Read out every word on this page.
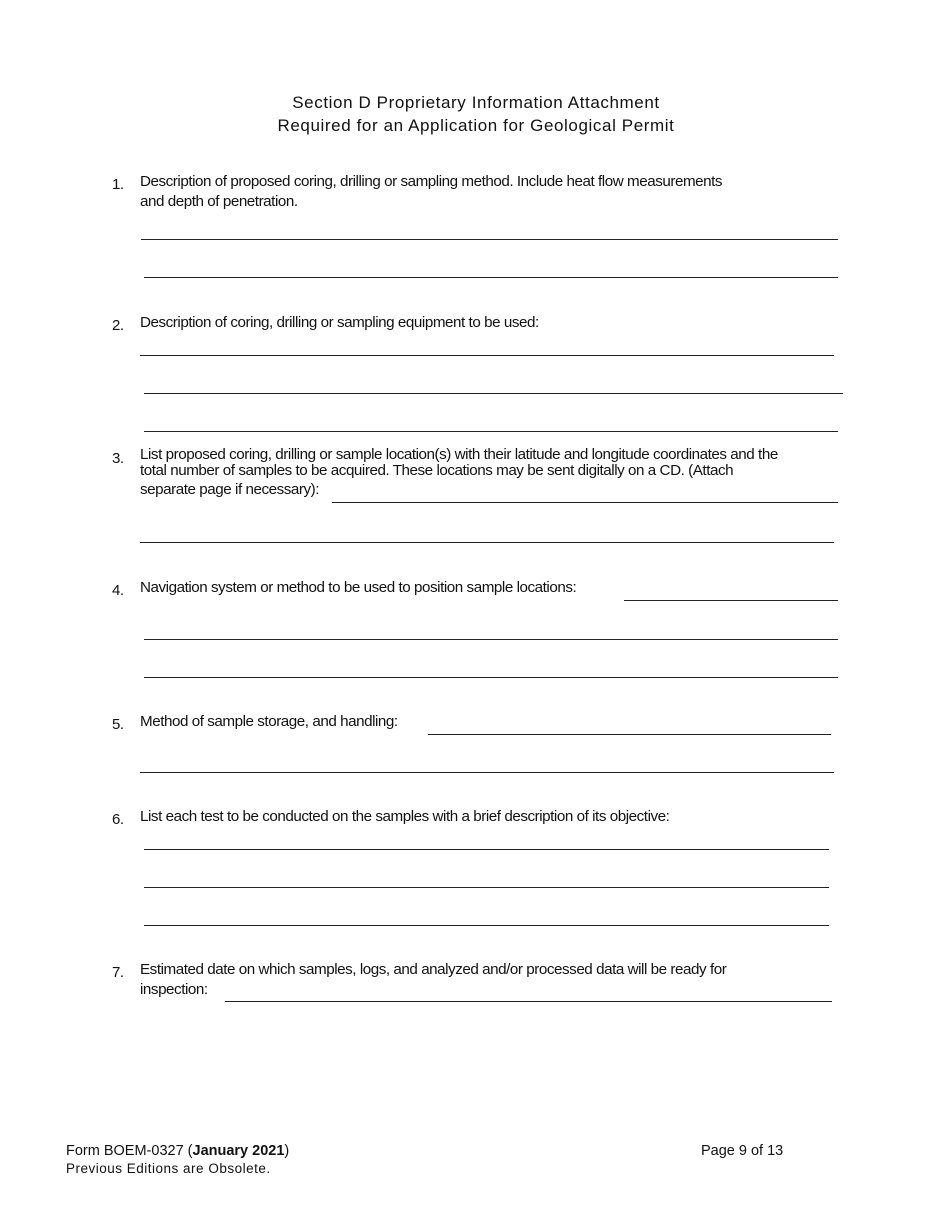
Section D Proprietary Information Attachment
Required for an Application for Geological Permit
1. Description of proposed coring, drilling or sampling method. Include heat flow measurements
and depth of penetration.
2. Description of coring, drilling or sampling equipment to be used:
3. List proposed coring, drilling or sample location(s) with their latitude and longitude coordinates and the
total number of samples to be acquired. These locations may be sent digitally on a CD. (Attach
separate page if necessary):
4. Navigation system or method to be used to position sample locations:
5. Method of sample storage, and handling:
6. List each test to be conducted on the samples with a brief description of its objective:
7. Estimated date on which samples, logs, and analyzed and/or processed data will be ready for
inspection:
Form BOEM-0327 (January 2021)
Previous Editions are Obsolete.
Page 9 of 13
